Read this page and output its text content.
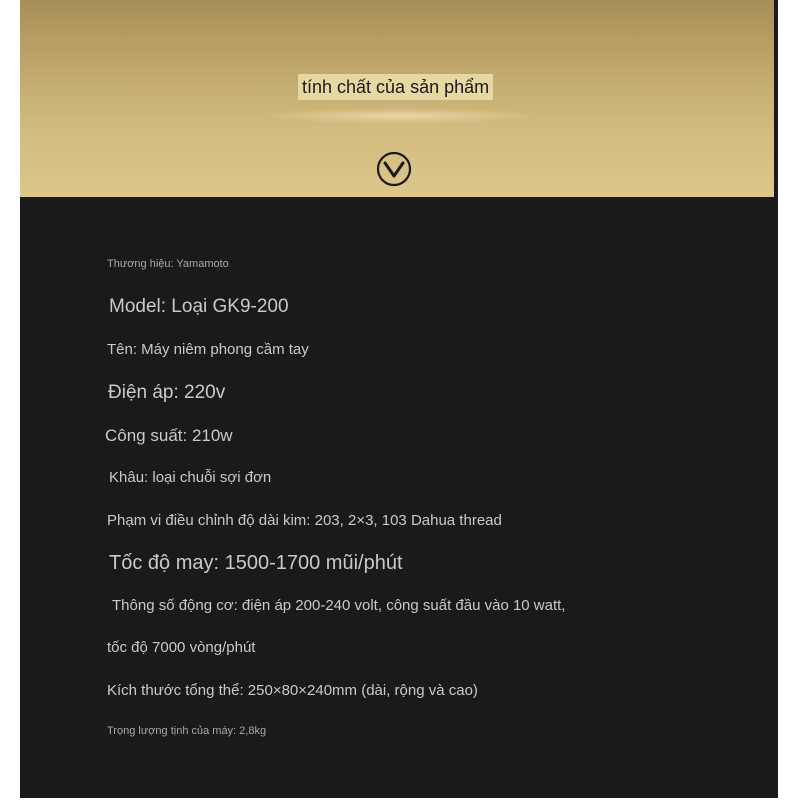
tính chất của sản phẩm
Thương hiệu: Yamamoto
Model: Loại GK9-200
Tên: Máy niêm phong cầm tay
Điện áp: 220v
Công suất: 210w
Khâu: loại chuỗi sợi đơn
Phạm vi điều chỉnh độ dài kim: 203, 2×3, 103 Dahua thread
Tốc độ may: 1500-1700 mũi/phút
Thông số động cơ: điện áp 200-240 volt, công suất đầu vào 10 watt,
tốc độ 7000 vòng/phút
Kích thước tổng thể: 250×80×240mm (dài, rộng và cao)
Trọng lượng tịnh của máy: 2,8kg
